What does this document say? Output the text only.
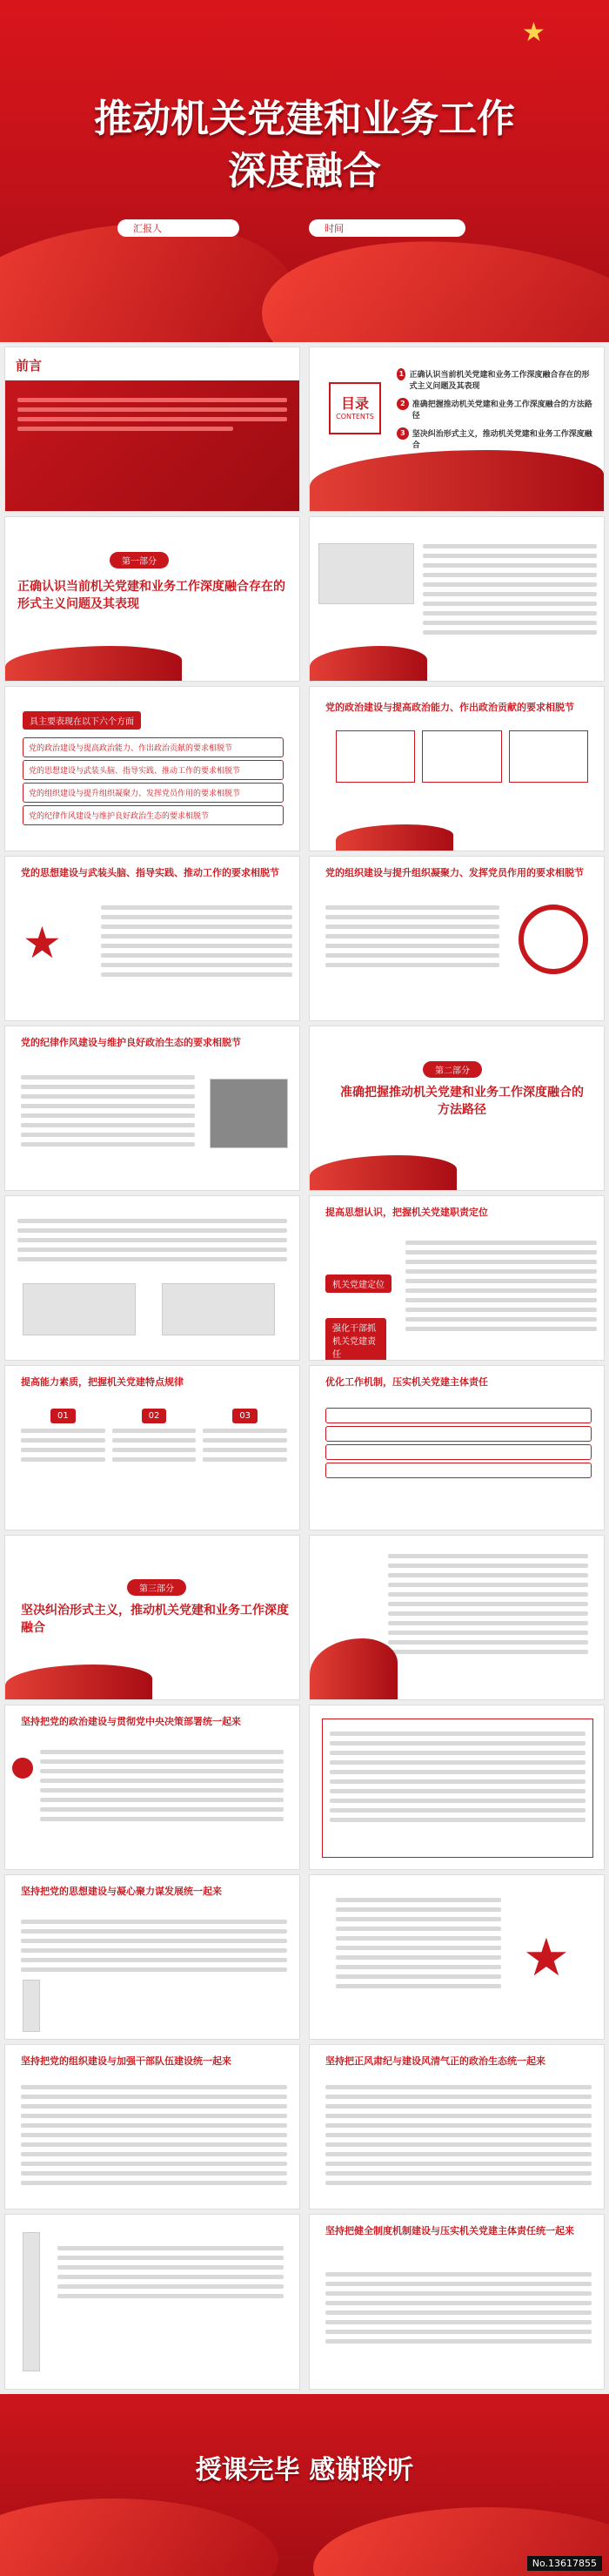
★
推动机关党建和业务工作
深度融合
汇报人	时间
前言
目录
CONTENTS
1 正确认识当前机关党建和业务工作深度融合存在的形式主义问题及其表现
2 准确把握推动机关党建和业务工作深度融合的方法路径
3 坚决纠治形式主义，推动机关党建和业务工作深度融合
第一部分
正确认识当前机关党建和业务工作深度融合存在的形式主义问题及其表现
具主要表现在以下六个方面
党的政治建设与提高政治能力、作出政治贡献的要求相脱节
党的思想建设与武装头脑、指导实践、推动工作的要求相脱节
党的组织建设与提升组织凝聚力、发挥党员作用的要求相脱节
党的纪律作风建设与维护良好政治生态的要求相脱节
党的政治建设与提高政治能力、作出政治贡献的要求相脱节
党的思想建设与武装头脑、指导实践、推动工作的要求相脱节
★
党的组织建设与提升组织凝聚力、发挥党员作用的要求相脱节
党的纪律作风建设与维护良好政治生态的要求相脱节
第二部分
准确把握推动机关党建和业务工作深度融合的方法路径
提高思想认识，把握机关党建职责定位
机关党建定位
强化干部抓机关党建责任
提高能力素质，把握机关党建特点规律
01	02	03
优化工作机制，压实机关党建主体责任
第三部分
坚决纠治形式主义，推动机关党建和业务工作深度融合
坚持把党的政治建设与贯彻党中央决策部署统一起来
坚持把党的思想建设与凝心聚力谋发展统一起来
★
坚持把党的组织建设与加强干部队伍建设统一起来	坚持把正风肃纪与建设风清气正的政治生态统一起来
坚持把健全制度机制建设与压实机关党建主体责任统一起来
授课完毕 感谢聆听
No.13617855
